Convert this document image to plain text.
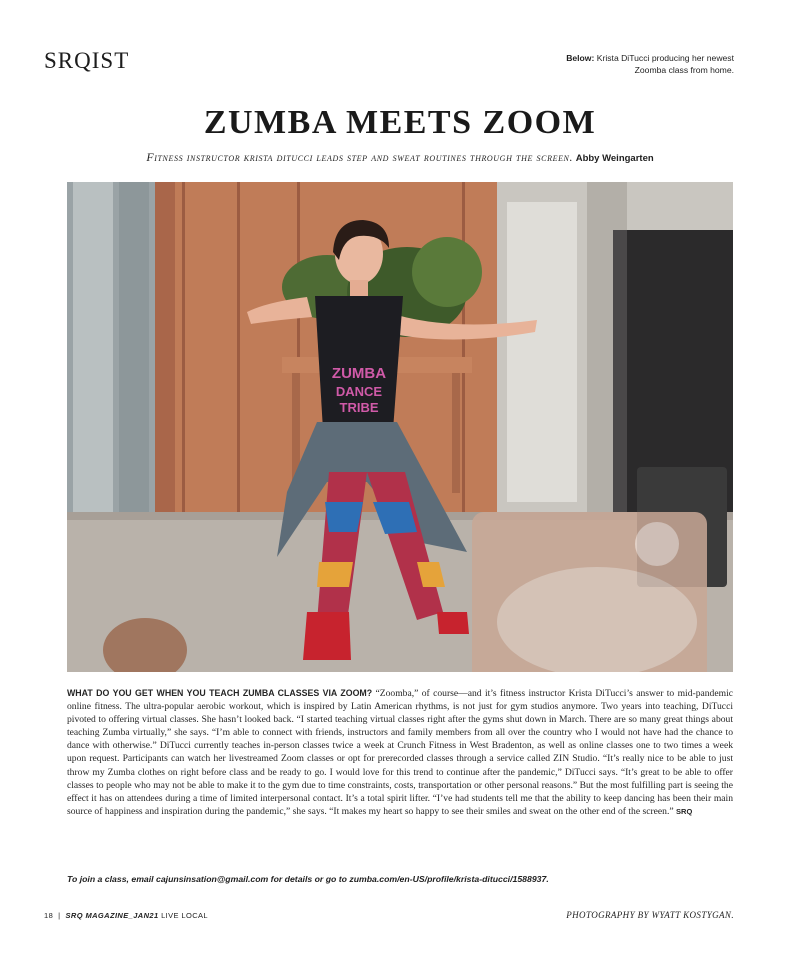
SRQIST	Below: Krista DiTucci producing her newest Zoomba class from home.
ZUMBA MEETS ZOOM
Fitness instructor krista ditucci leads step and sweat routines through the screen. Abby Weingarten
ZUMBA
DANCE
TRIBE
WHAT DO YOU GET WHEN YOU TEACH ZUMBA CLASSES VIA ZOOM? “Zoomba,” of course—and it’s fitness instructor Krista DiTucci’s answer to mid-pandemic online fitness. The ultra-popular aerobic workout, which is inspired by Latin American rhythms, is not just for gym studios anymore. Two years into teaching, DiTucci pivoted to offering virtual classes. She hasn’t looked back. “I started teaching virtual classes right after the gyms shut down in March. There are so many great things about teaching Zumba virtually,” she says. “I’m able to connect with friends, instructors and family members from all over the country who I would not have had the chance to dance with otherwise.” DiTucci currently teaches in-person classes twice a week at Crunch Fitness in West Bradenton, as well as online classes one to two times a week upon request. Participants can watch her livestreamed Zoom classes or opt for prerecorded classes through a service called ZIN Studio. “It’s really nice to be able to just throw my Zumba clothes on right before class and be ready to go. I would love for this trend to continue after the pandemic,” DiTucci says. “It’s great to be able to offer classes to people who may not be able to make it to the gym due to time constraints, costs, transportation or other personal reasons.” But the most fulfilling part is seeing the effect it has on attendees during a time of limited interpersonal contact. It’s a total spirit lifter. “I’ve had students tell me that the ability to keep dancing has been their main source of happiness and inspiration during the pandemic,” she says. “It makes my heart so happy to see their smiles and sweat on the other end of the screen.” SRQ
To join a class, email cajunsinsation@gmail.com for details or go to zumba.com/en-US/profile/krista-ditucci/1588937.
18 | SRQ MAGAZINE_JAN21 LIVE LOCAL	PHOTOGRAPHY BY WYATT KOSTYGAN.
